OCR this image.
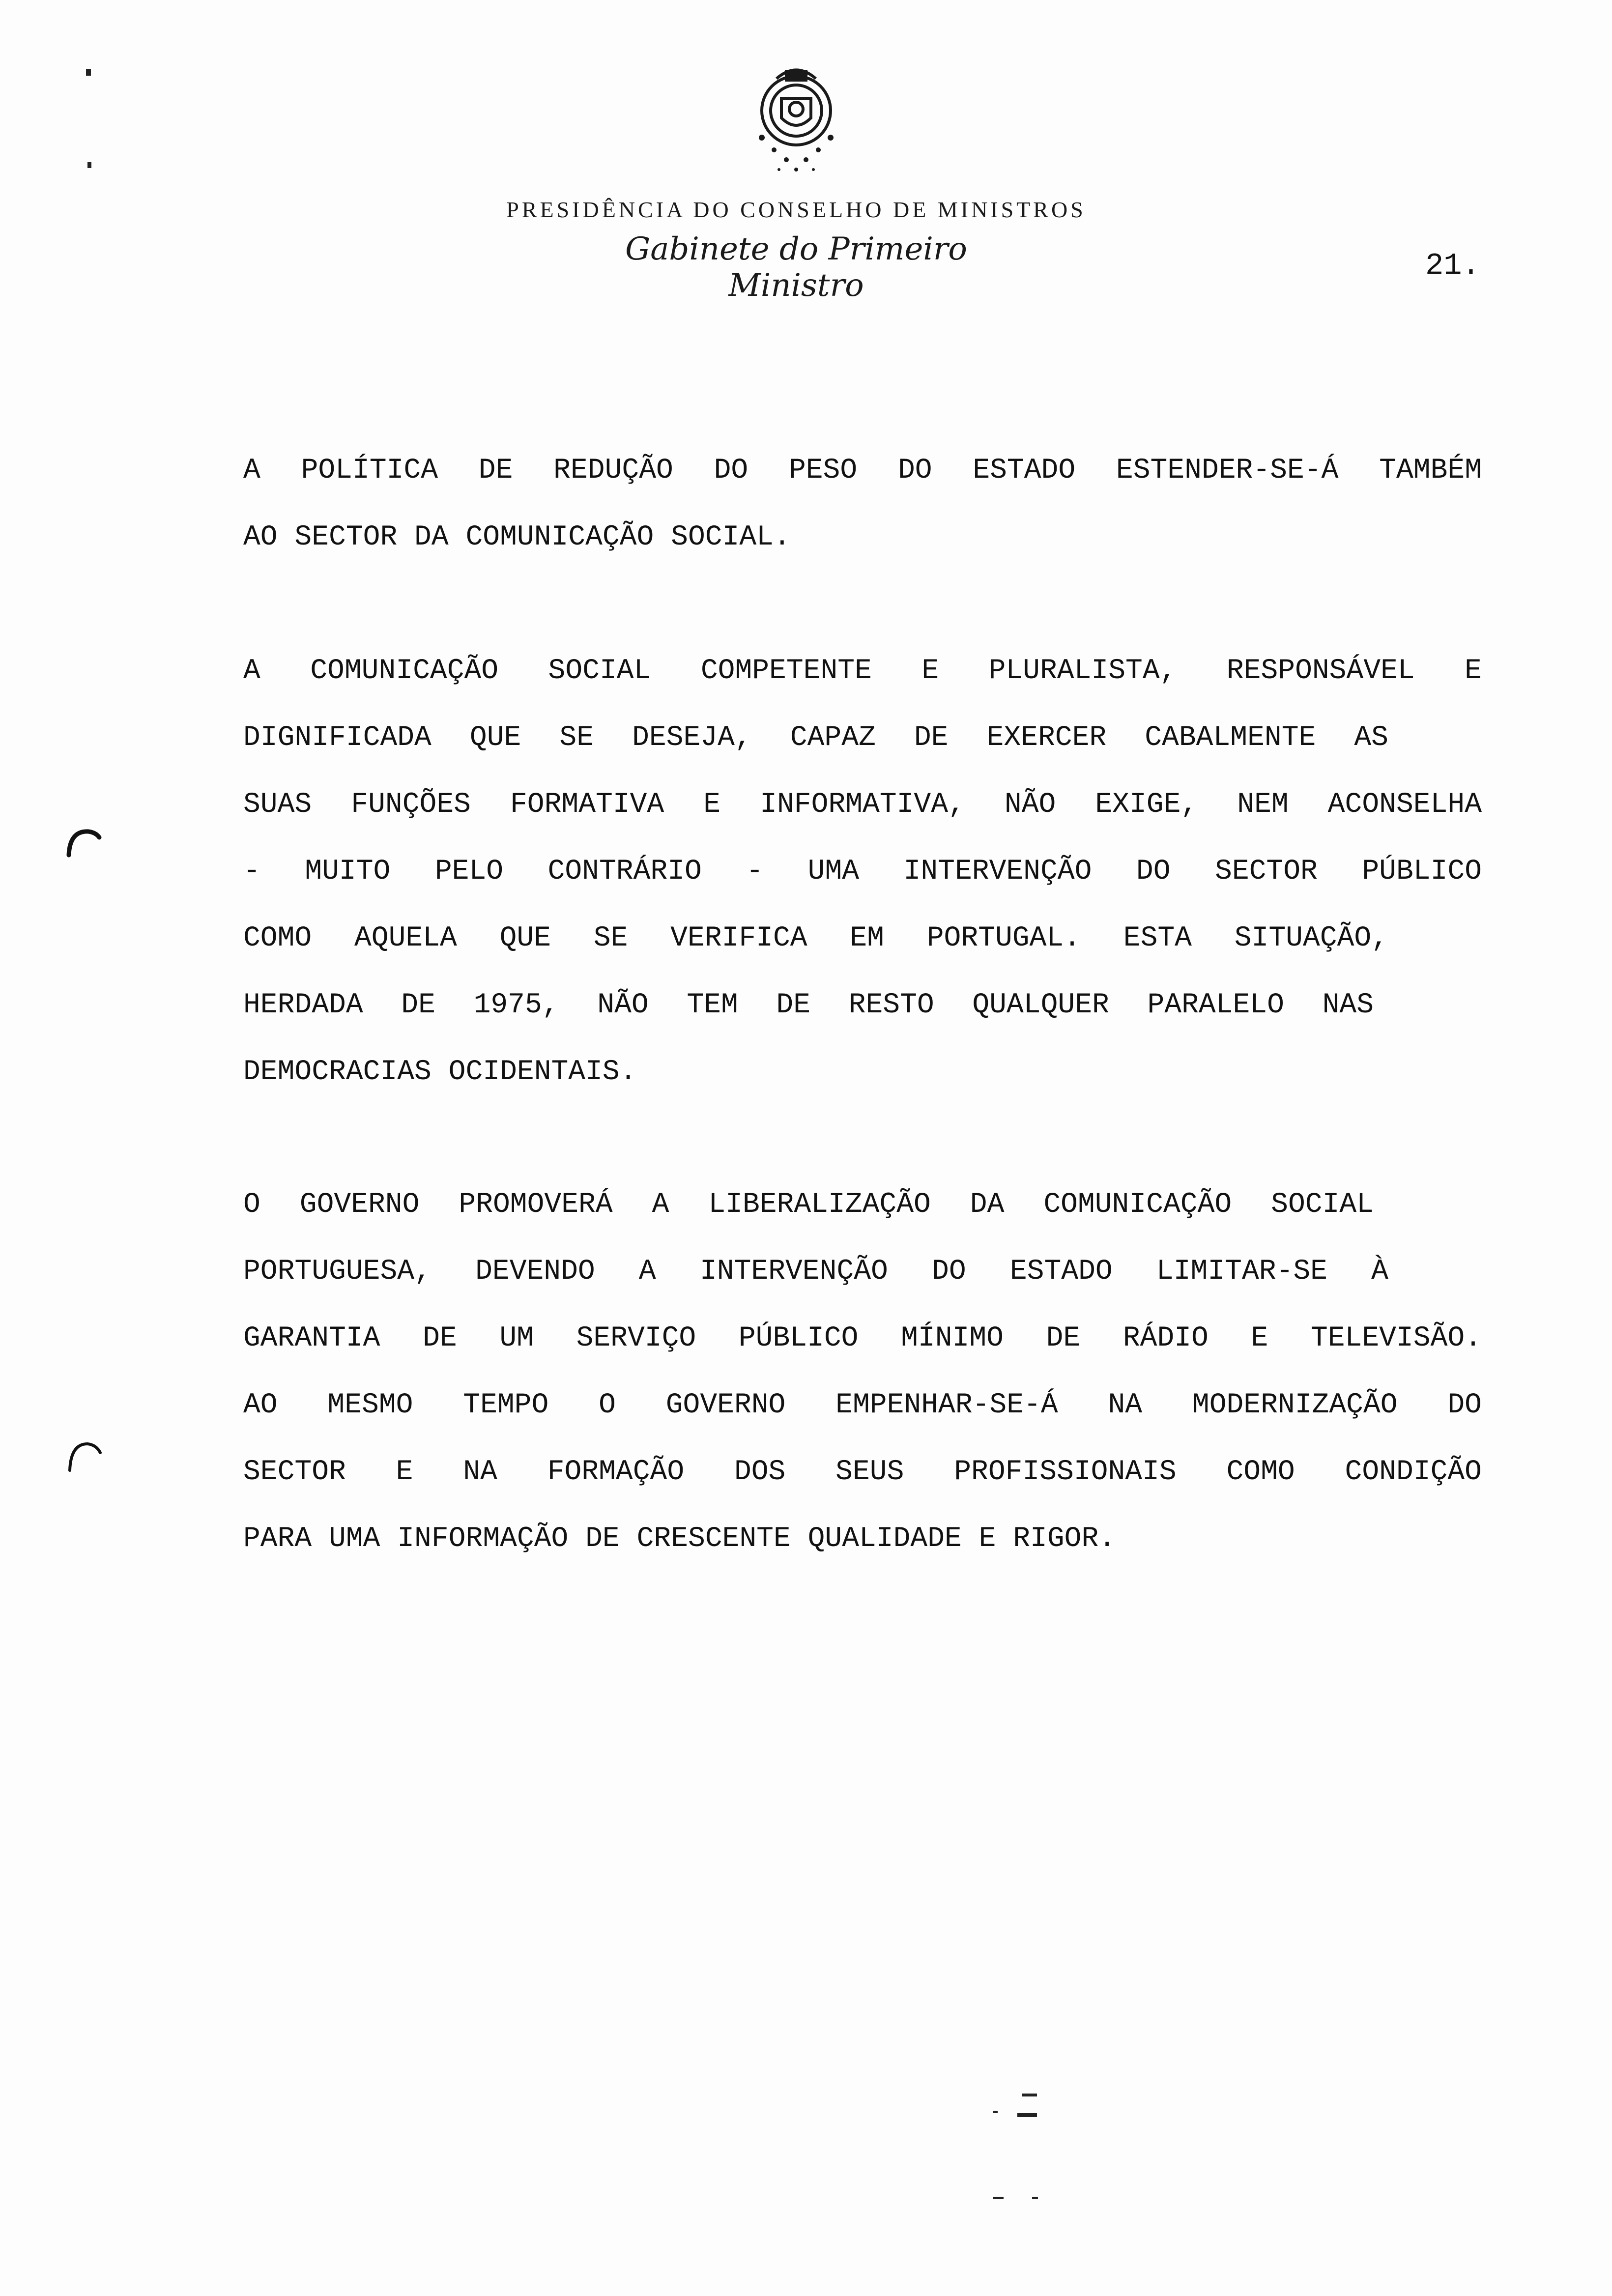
PRESIDÊNCIA DO CONSELHO DE MINISTROS
Gabinete do Primeiro Ministro
21.
A POLÍTICA DE REDUÇÃO DO PESO DO ESTADO ESTENDER-SE-Á TAMBÉM
AO SECTOR DA COMUNICAÇÃO SOCIAL.
A COMUNICAÇÃO SOCIAL COMPETENTE E PLURALISTA, RESPONSÁVEL E
DIGNIFICADA QUE SE DESEJA, CAPAZ DE EXERCER CABALMENTE AS
SUAS FUNÇÕES FORMATIVA E INFORMATIVA, NÃO EXIGE, NEM ACONSELHA
- MUITO PELO CONTRÁRIO - UMA INTERVENÇÃO DO SECTOR PÚBLICO
COMO AQUELA QUE SE VERIFICA EM PORTUGAL. ESTA SITUAÇÃO,
HERDADA DE 1975, NÃO TEM DE RESTO QUALQUER PARALELO NAS
DEMOCRACIAS OCIDENTAIS.
O GOVERNO PROMOVERÁ A LIBERALIZAÇÃO DA COMUNICAÇÃO SOCIAL
PORTUGUESA, DEVENDO A INTERVENÇÃO DO ESTADO LIMITAR-SE À
GARANTIA DE UM SERVIÇO PÚBLICO MÍNIMO DE RÁDIO E TELEVISÃO.
AO MESMO TEMPO O GOVERNO EMPENHAR-SE-Á NA MODERNIZAÇÃO DO
SECTOR E NA FORMAÇÃO DOS SEUS PROFISSIONAIS COMO CONDIÇÃO
PARA UMA INFORMAÇÃO DE CRESCENTE QUALIDADE E RIGOR.
